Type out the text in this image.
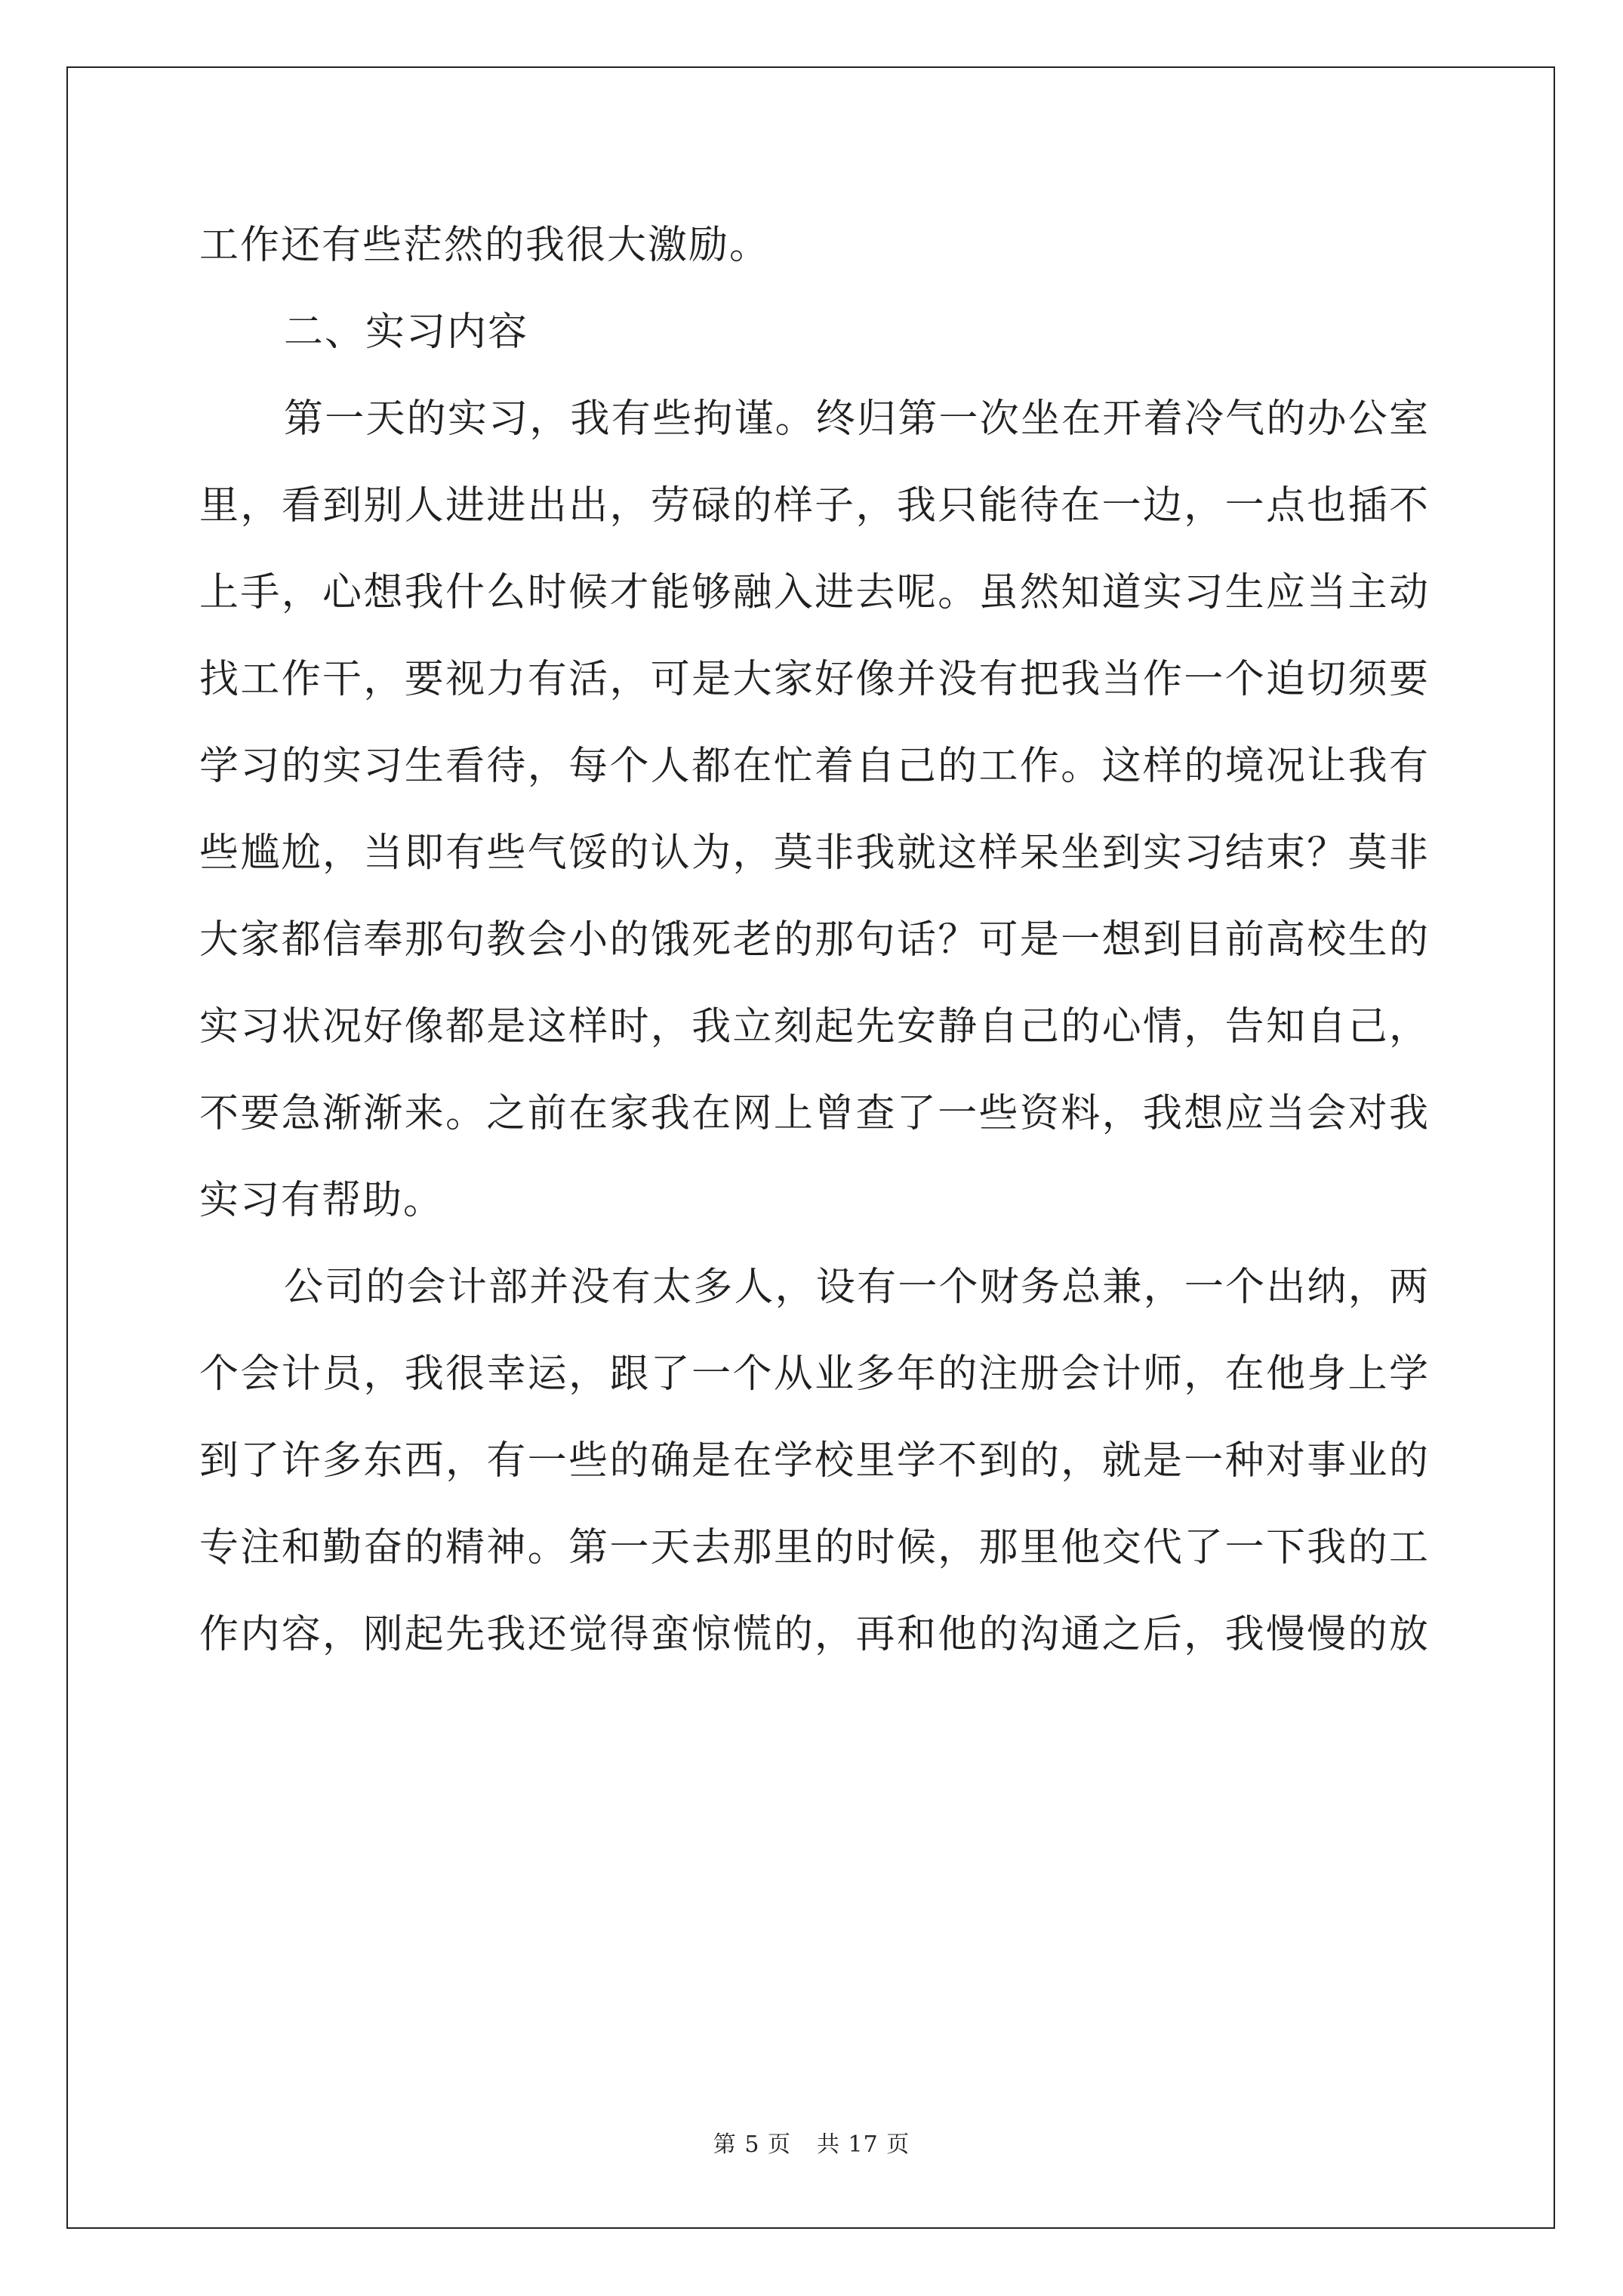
工作还有些茫然的我很大激励。
二、实习内容
第一天的实习，我有些拘谨。终归第一次坐在开着冷气的办公室
里，看到别人进进出出，劳碌的样子，我只能待在一边，一点也插不
上手，心想我什么时候才能够融入进去呢。虽然知道实习生应当主动
找工作干，要视力有活，可是大家好像并没有把我当作一个迫切须要
学习的实习生看待，每个人都在忙着自己的工作。这样的境况让我有
些尴尬，当即有些气馁的认为，莫非我就这样呆坐到实习结束？莫非
大家都信奉那句教会小的饿死老的那句话？可是一想到目前高校生的
实习状况好像都是这样时，我立刻起先安静自己的心情，告知自己，
不要急渐渐来。之前在家我在网上曾查了一些资料，我想应当会对我
实习有帮助。
公司的会计部并没有太多人，设有一个财务总兼，一个出纳，两
个会计员，我很幸运，跟了一个从业多年的注册会计师，在他身上学
到了许多东西，有一些的确是在学校里学不到的，就是一种对事业的
专注和勤奋的精神。第一天去那里的时候，那里他交代了一下我的工
作内容，刚起先我还觉得蛮惊慌的，再和他的沟通之后，我慢慢的放
第 5 页 共 17 页
